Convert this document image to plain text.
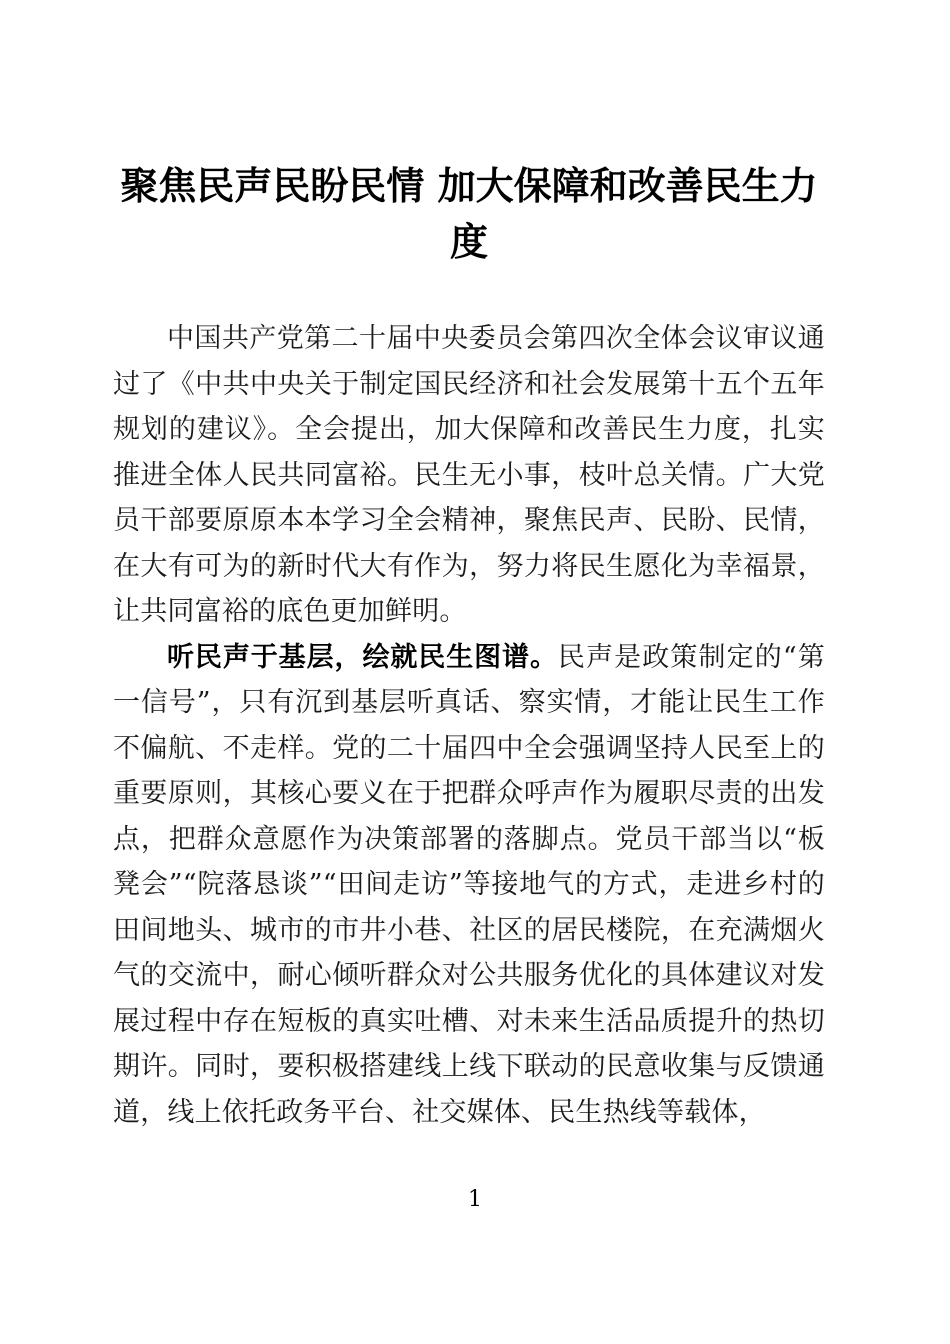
聚焦民声民盼民情 加大保障和改善民生力度

中国共产党第二十届中央委员会第四次全体会议审议通过了《中共中央关于制定国民经济和社会发展第十五个五年规划的建议》。全会提出，加大保障和改善民生力度，扎实推进全体人民共同富裕。民生无小事，枝叶总关情。广大党员干部要原原本本学习全会精神，聚焦民声、民盼、民情，在大有可为的新时代大有作为，努力将民生愿化为幸福景，让共同富裕的底色更加鲜明。

听民声于基层，绘就民生图谱。民声是政策制定的“第一信号”，只有沉到基层听真话、察实情，才能让民生工作不偏航、不走样。党的二十届四中全会强调坚持人民至上的重要原则，其核心要义在于把群众呼声作为履职尽责的出发点，把群众意愿作为决策部署的落脚点。党员干部当以“板凳会”“院落恳谈”“田间走访”等接地气的方式，走进乡村的田间地头、城市的市井小巷、社区的居民楼院，在充满烟火气的交流中，耐心倾听群众对公共服务优化的具体建议对发展过程中存在短板的真实吐槽、对未来生活品质提升的热切期许。同时，要积极搭建线上线下联动的民意收集与反馈通道，线上依托政务平台、社交媒体、民生热线等载体，

1
